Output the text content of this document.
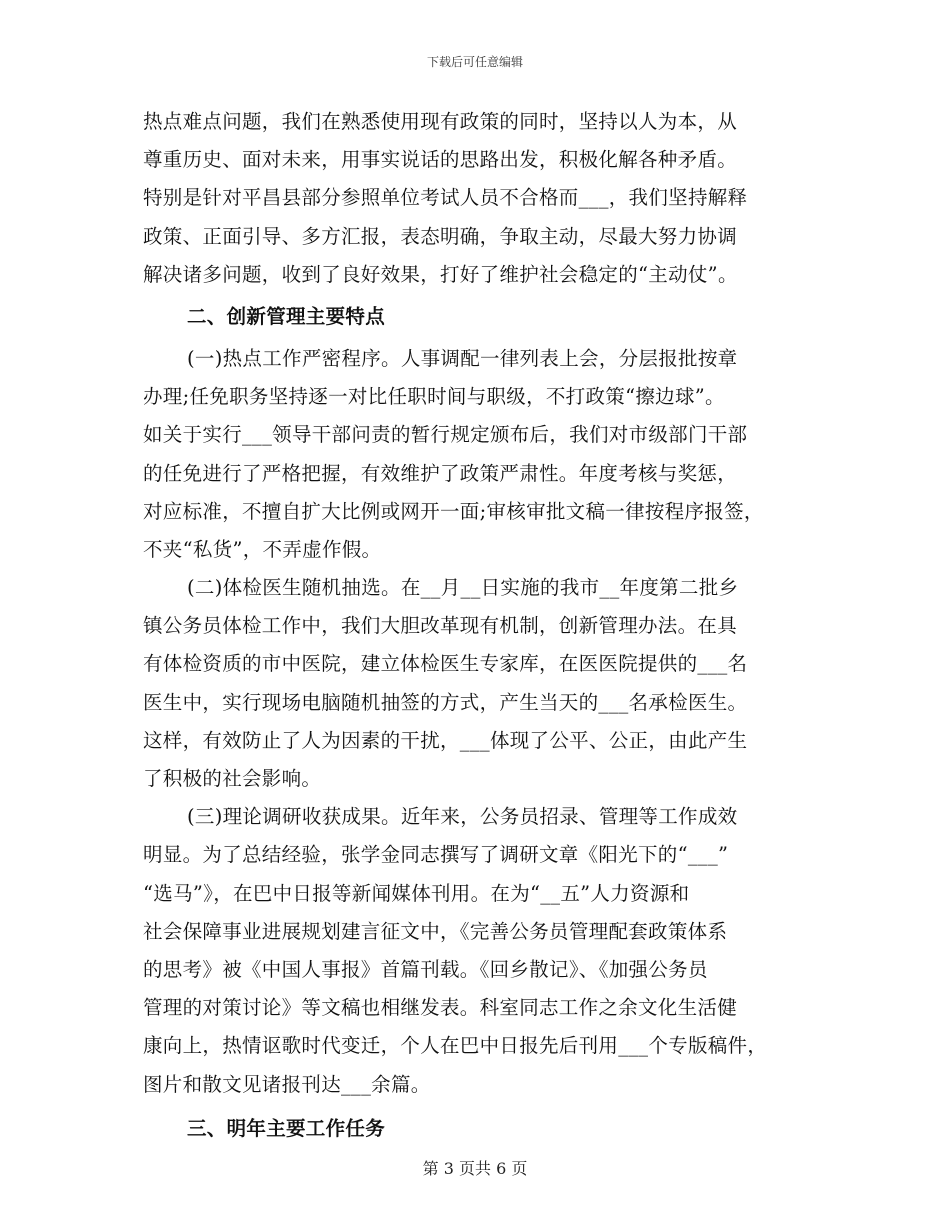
下载后可任意编辑
热点难点问题，我们在熟悉使用现有政策的同时，坚持以人为本，从
尊重历史、面对未来，用事实说话的思路出发，积极化解各种矛盾。
特别是针对平昌县部分参照单位考试人员不合格而___，我们坚持解释
政策、正面引导、多方汇报，表态明确，争取主动，尽最大努力协调
解决诸多问题，收到了良好效果，打好了维护社会稳定的“主动仗”。
二、创新管理主要特点
(一)热点工作严密程序。人事调配一律列表上会，分层报批按章
办理;任免职务坚持逐一对比任职时间与职级，不打政策“擦边球”。
如关于实行___领导干部问责的暂行规定颁布后，我们对市级部门干部
的任免进行了严格把握，有效维护了政策严肃性。年度考核与奖惩，
对应标准，不擅自扩大比例或网开一面;审核审批文稿一律按程序报签，
不夹“私货”，不弄虚作假。
(二)体检医生随机抽选。在__月__日实施的我市__年度第二批乡
镇公务员体检工作中，我们大胆改革现有机制，创新管理办法。在具
有体检资质的市中医院，建立体检医生专家库，在医医院提供的___名
医生中，实行现场电脑随机抽签的方式，产生当天的___名承检医生。
这样，有效防止了人为因素的干扰，___体现了公平、公正，由此产生
了积极的社会影响。
(三)理论调研收获成果。近年来，公务员招录、管理等工作成效
明显。为了总结经验，张学金同志撰写了调研文章《阳光下的“___”
“选马”》，在巴中日报等新闻媒体刊用。在为“__五”人力资源和
社会保障事业进展规划建言征文中，《完善公务员管理配套政策体系
的思考》被《中国人事报》首篇刊载。《回乡散记》、《加强公务员
管理的对策讨论》等文稿也相继发表。科室同志工作之余文化生活健
康向上，热情讴歌时代变迁，个人在巴中日报先后刊用___个专版稿件，
图片和散文见诸报刊达___余篇。
三、明年主要工作任务
第 3 页共 6 页
